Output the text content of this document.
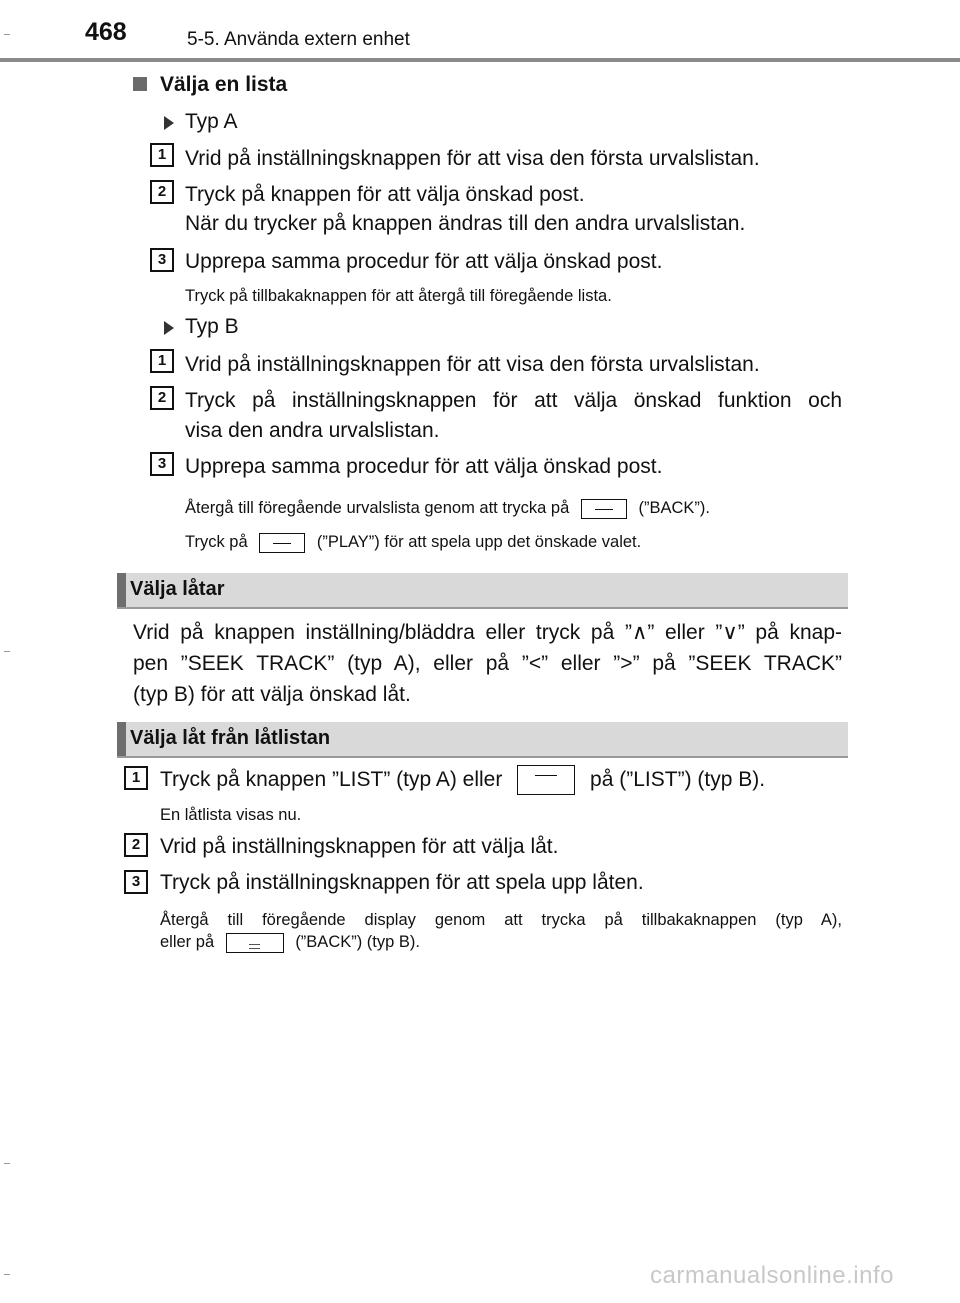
468	5-5. Använda extern enhet
Välja en lista
Typ A
1 Vrid på inställningsknappen för att visa den första urvalslistan.
2 Tryck på knappen för att välja önskad post.
När du trycker på knappen ändras till den andra urvalslistan.
3 Upprepa samma procedur för att välja önskad post.
Tryck på tillbakaknappen för att återgå till föregående lista.
Typ B
1 Vrid på inställningsknappen för att visa den första urvalslistan.
2 Tryck på inställningsknappen för att välja önskad funktion och
visa den andra urvalslistan.
3 Upprepa samma procedur för att välja önskad post.
Återgå till föregående urvalslista genom att trycka på	(”BACK”).
Tryck på	(”PLAY”) för att spela upp det önskade valet.
Välja låtar
Vrid på knappen inställning/bläddra eller tryck på ”∧” eller ”∨” på knap-
pen ”SEEK TRACK” (typ A), eller på ”<” eller ”>” på ”SEEK TRACK”
(typ B) för att välja önskad låt.
Välja låt från låtlistan
1 Tryck på knappen ”LIST” (typ A) eller	på (”LIST”) (typ B).
En låtlista visas nu.
2 Vrid på inställningsknappen för att välja låt.
3 Tryck på inställningsknappen för att spela upp låten.
Återgå till föregående display genom att trycka på tillbakaknappen (typ A),
eller på	(”BACK”) (typ B).
carmanualsonline.info
